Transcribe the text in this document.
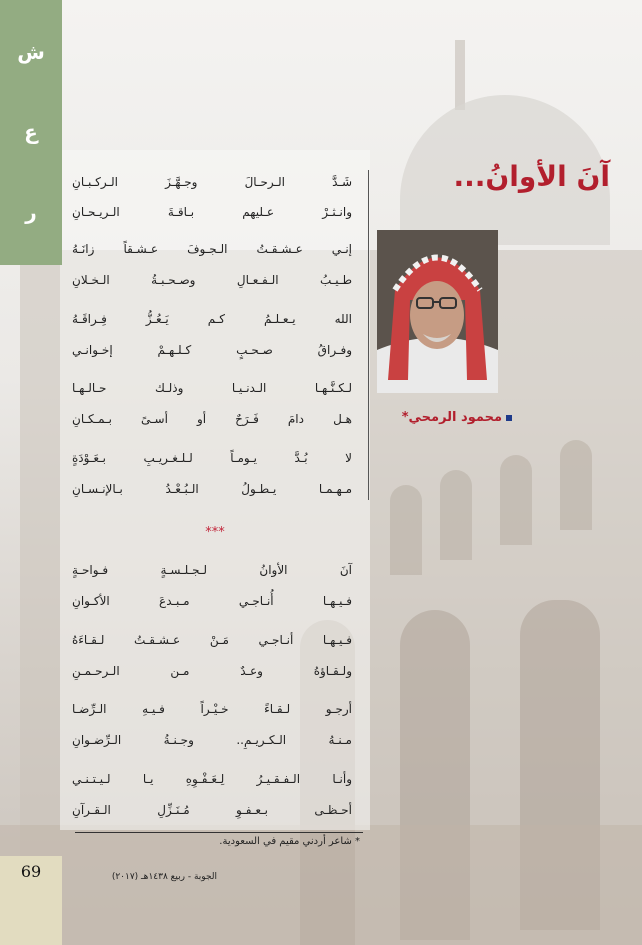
ش
ع
ر
آنَ الأوانُ...
محمود الرمحي*
شَـدَّ الـرحـالَ وجـهَّـزَ الـركـبـانِ
وانـثـرْ عـليهم بـاقـةَ الـريـحـانِ
إنـي عـشـقـتُ الـجـوفَ عـشـقاً زانَـهُ
طـيـبُ الـفـعـالِ وصـحـبـةُ الـخـلانِ
الله يـعـلـمُ كـم يَـعُـزُّ فِـراقَـهُ
وفـراقُ صـحـبٍ كـلـهـمْ إخـوانـي
لـكـنَّـهـا الـدنـيـا وذلـك حـالـهـا
هـل دامَ فَـرَحٌ أو أسـىً بـمـكـانِ
لا بُـدَّ يـومـاً لـلـغـريـبِ بـعَـوْدَةٍ
مـهـمـا يـطـولُ الـبُـعْـدُ بـالإنـسـانِ
آنَ الأوانُ لـجـلـسـةٍ فـواحـةٍ
فـيـهـا أُنـاجـي مـبـدعَ الأكـوانِ
فـيـهـا أنـاجـي مَـنْ عـشـقـتُ لـقـاءَهُ
ولـقـاؤهُ وعـدٌ مـن الـرحـمـنِ
أرجـو لـقـاءً خـيْـراً فـيـهِ الـرِّضـا
مـنـهُ الـكـريـمِ.. وجـنـةُ الـرِّضـوانِ
وأنـا الـفـقـيـرُ لِـعَـفْـوِهِ يـا لـيـتـنـي
أحـظـى بـعـفـوِ مُـنَـزِّلِ الـقـرآنِ
***
* شاعر أردني مقيم في السعودية.
69	الجوبة - ربيع ١٤٣٨هـ (٢٠١٧)
